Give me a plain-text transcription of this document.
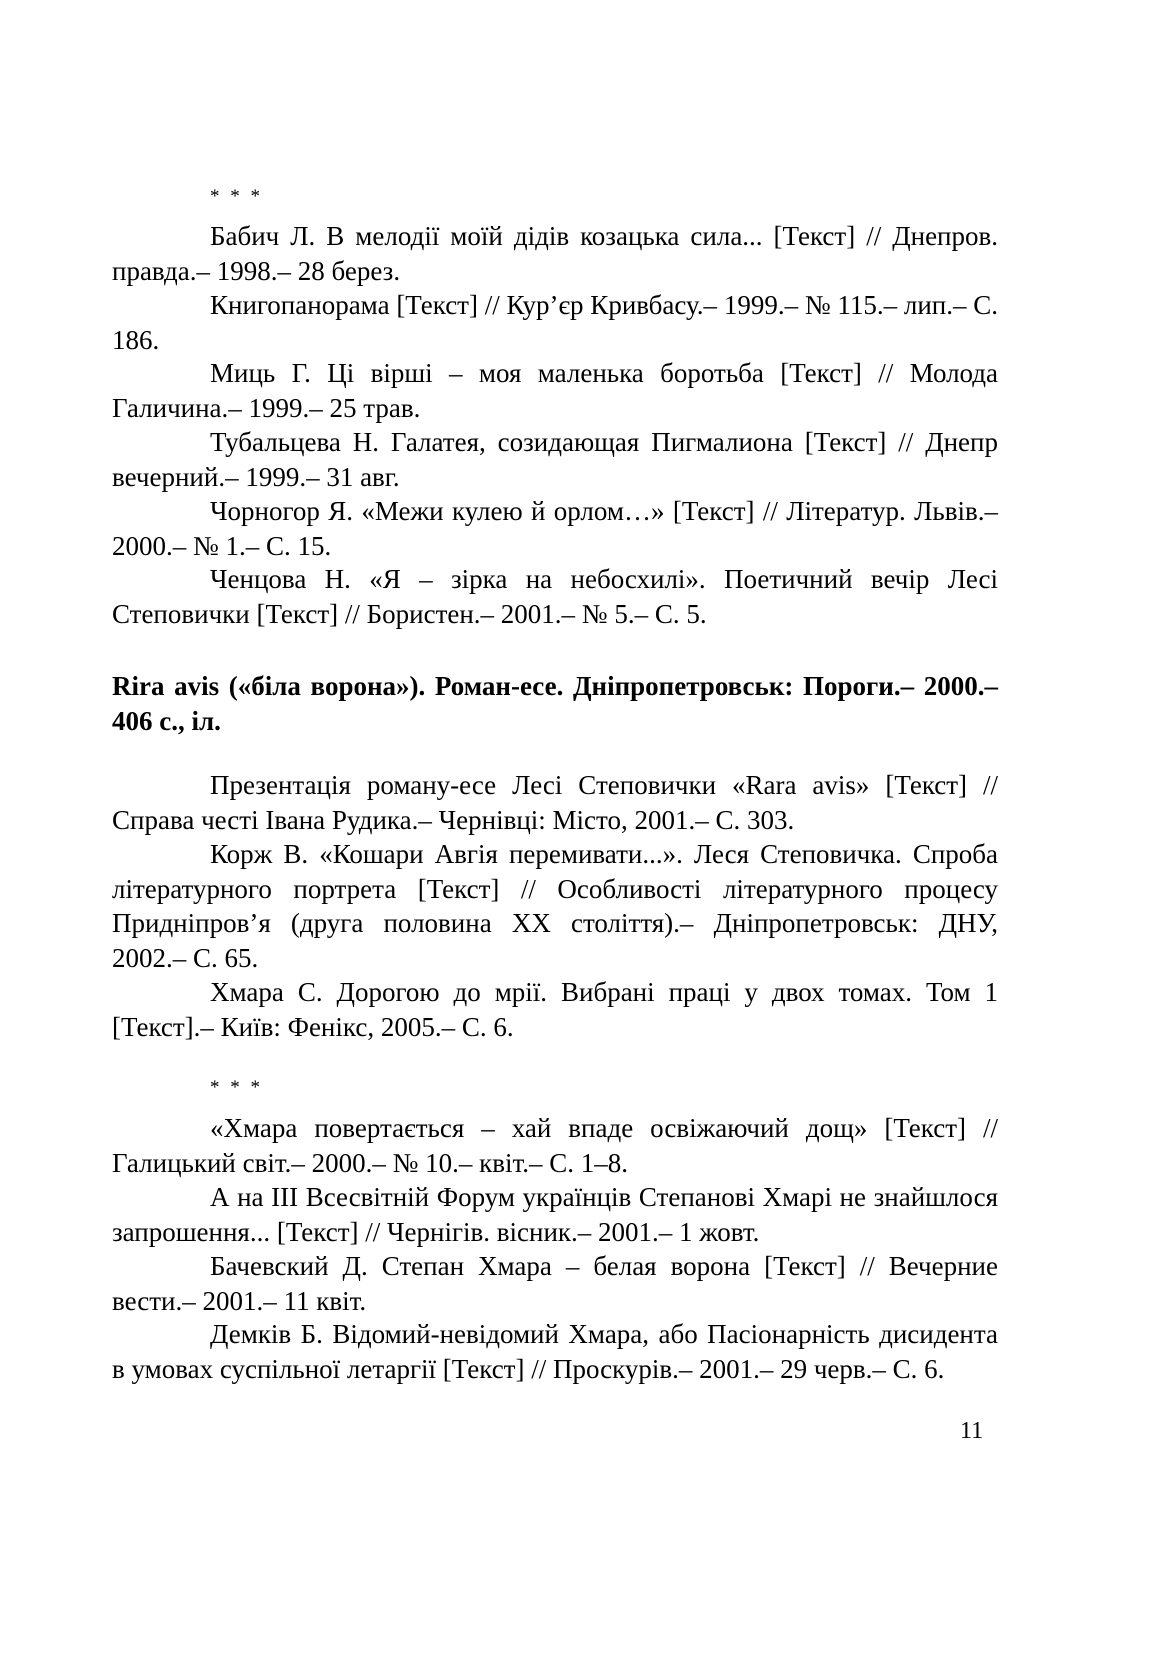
* * *

Бабич Л. В мелодії моїй дідів козацька сила... [Текст] // Днепров. правда.– 1998.– 28 берез.

Книгопанорама [Текст] // Кур’єр Кривбасу.– 1999.– № 115.– лип.– С. 186.

Миць Г. Ці вірші – моя маленька боротьба [Текст] // Молода Галичина.– 1999.– 25 трав.

Тубальцева Н. Галатея, созидающая Пигмалиона [Текст] // Днепр вечерний.– 1999.– 31 авг.

Чорногор Я. «Межи кулею й орлом…» [Текст] // Літератур. Львів.– 2000.– № 1.– С. 15.

Ченцова Н. «Я – зірка на небосхилі». Поетичний вечір Лесі Степовички [Текст] // Бористен.– 2001.– № 5.– С. 5.

Rira avis («біла ворона»). Роман-есе. Дніпропетровськ: Пороги.– 2000.– 406 с., іл.

Презентація роману-есе Лесі Степовички «Rara avis» [Текст] // Справа честі Івана Рудика.– Чернівці: Місто, 2001.– С. 303.

Корж В. «Кошари Авгія перемивати...». Леся Степовичка. Спроба літературного портрета [Текст] // Особливості літературного процесу Придніпров’я (друга половина ХХ століття).– Дніпропетровськ: ДНУ, 2002.– С. 65.

Хмара С. Дорогою до мрії. Вибрані праці у двох томах. Том 1 [Текст].– Київ: Фенікс, 2005.– С. 6.

* * *

«Хмара повертається – хай впаде освіжаючий дощ» [Текст] // Галицький світ.– 2000.– № 10.– квіт.– С. 1–8.

А на ІІІ Всесвітній Форум українців Степанові Хмарі не знайшлося запрошення... [Текст] // Чернігів. вісник.– 2001.– 1 жовт.

Бачевский Д. Степан Хмара – белая ворона [Текст] // Вечерние вести.– 2001.– 11 квіт.

Демків Б. Відомий-невідомий Хмара, або Пасіонарність дисидента в умовах суспільної летаргії [Текст] // Проскурів.– 2001.– 29 черв.– С. 6.

11
